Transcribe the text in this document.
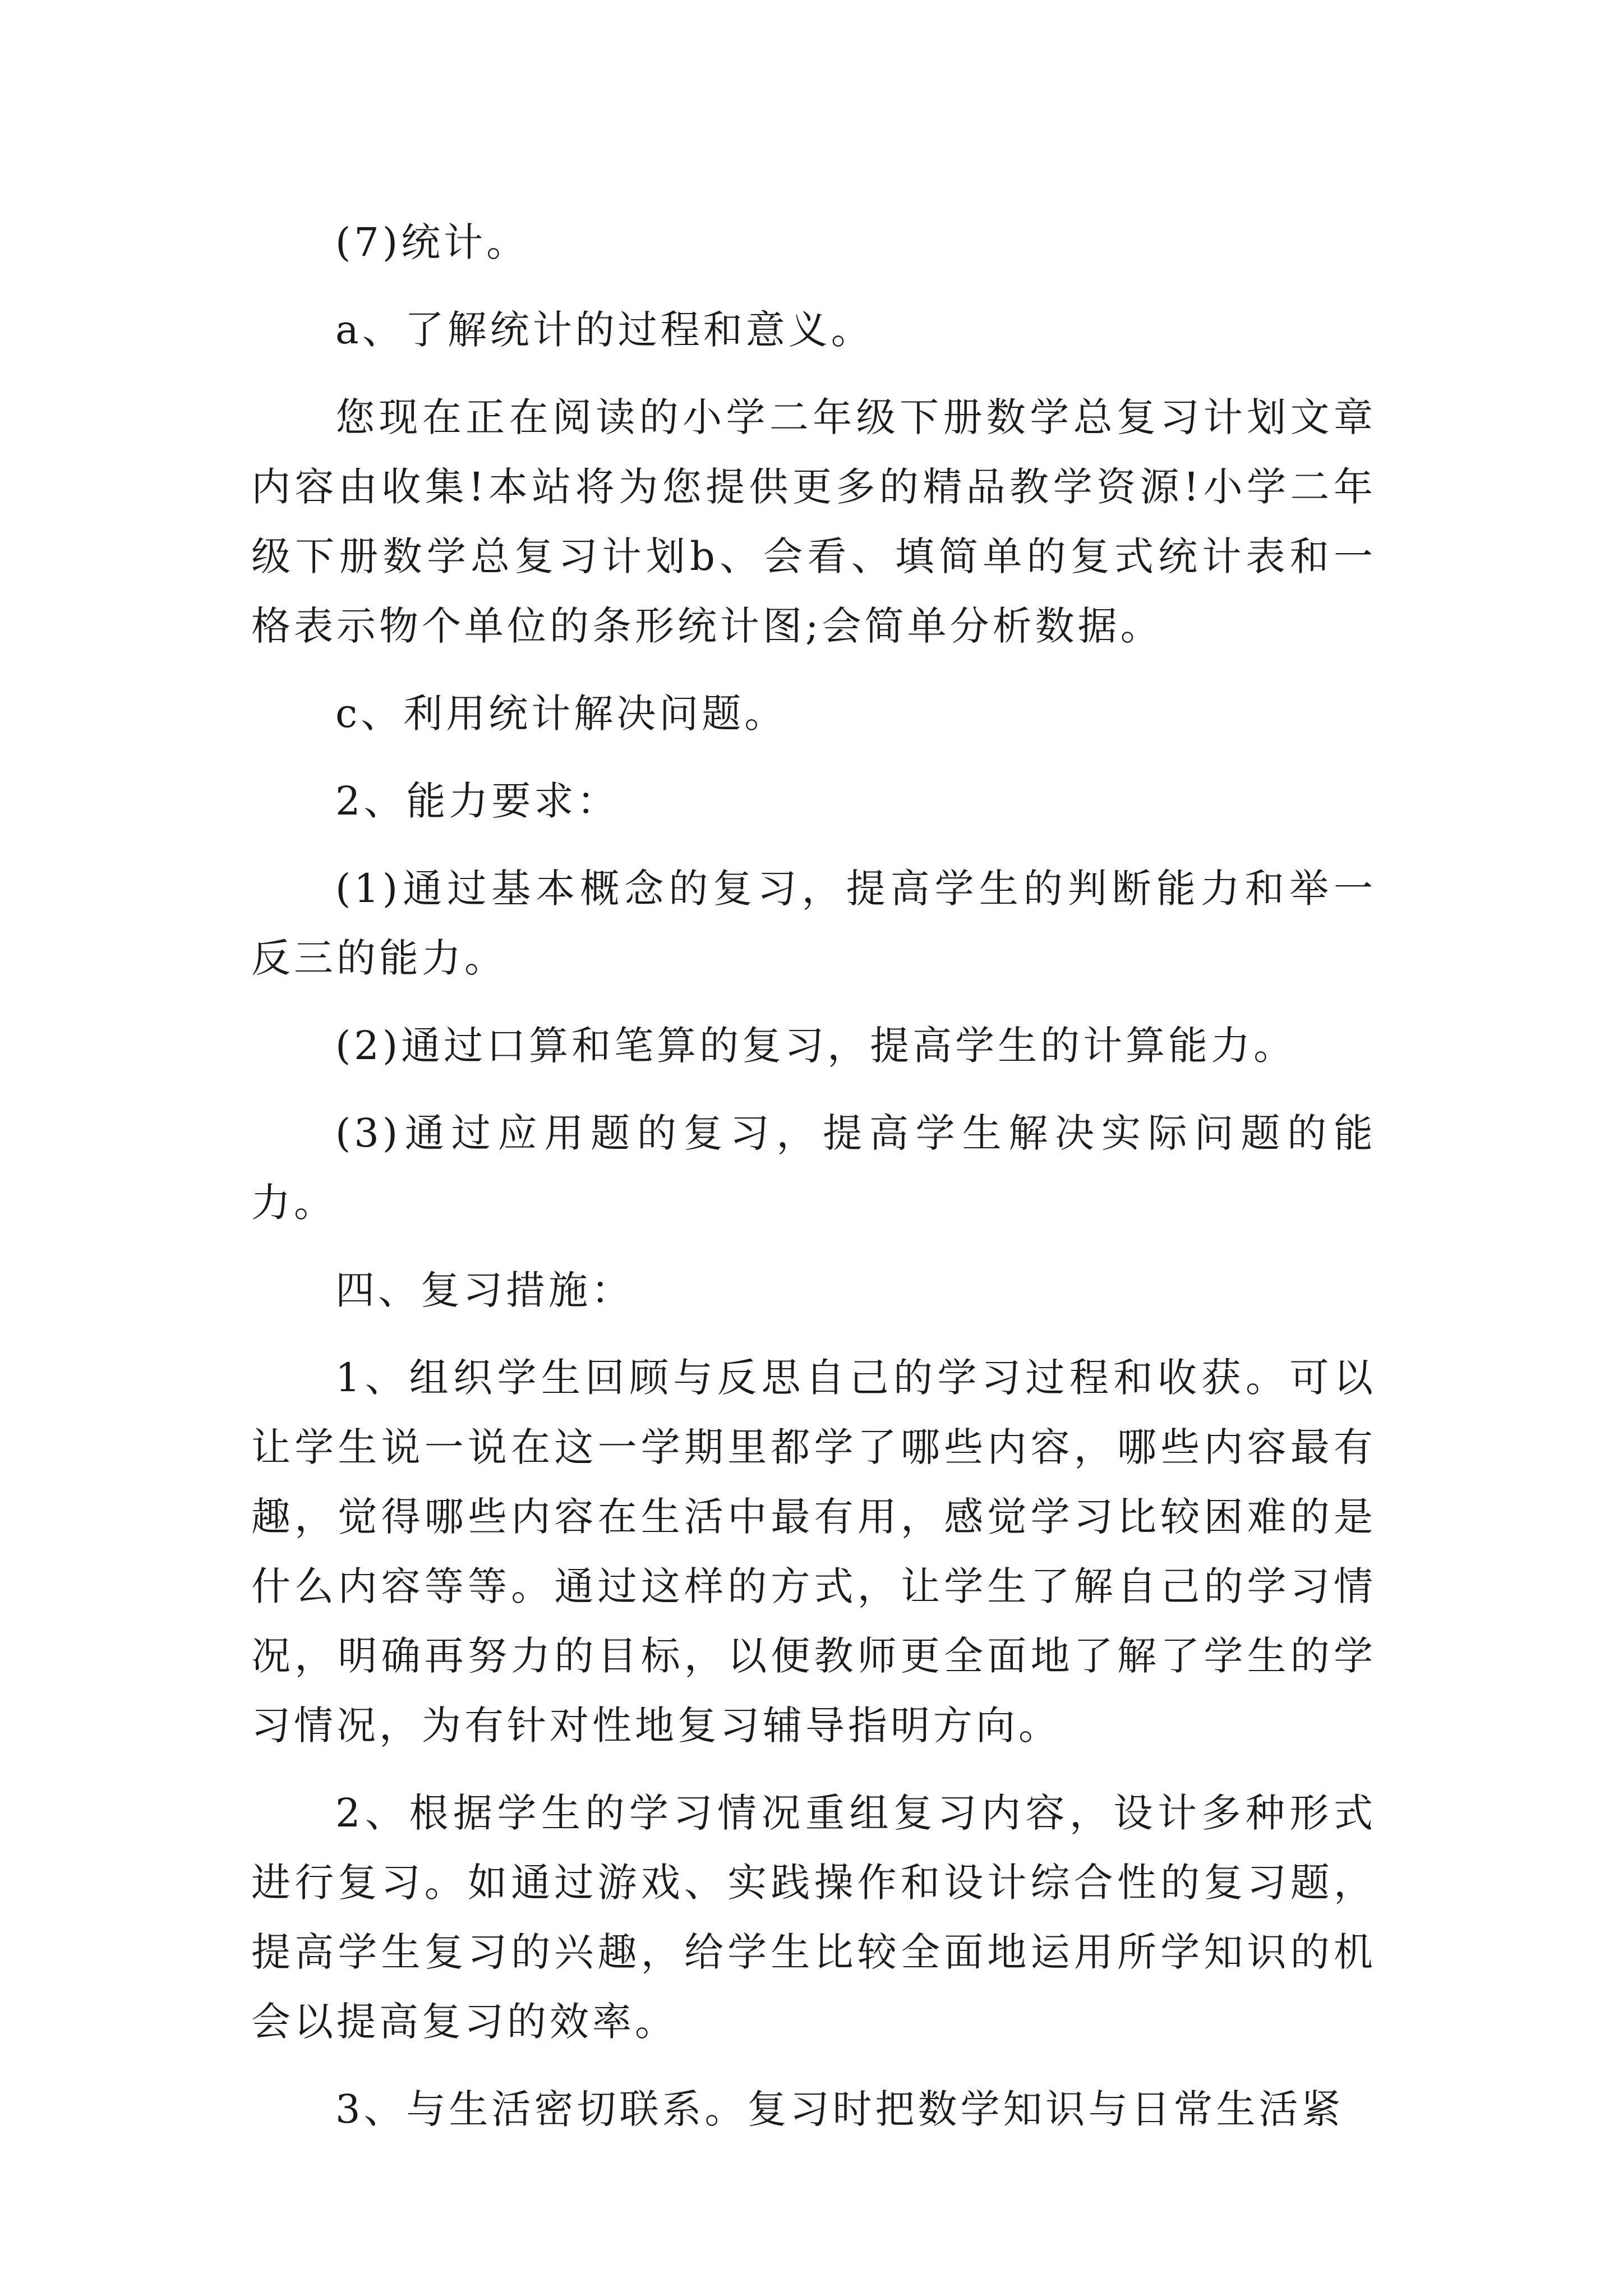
(7)统计。

a、了解统计的过程和意义。

您现在正在阅读的小学二年级下册数学总复习计划文章内容由收集!本站将为您提供更多的精品教学资源!小学二年级下册数学总复习计划b、会看、填简单的复式统计表和一格表示物个单位的条形统计图;会简单分析数据。

c、利用统计解决问题。

2、能力要求：

(1)通过基本概念的复习，提高学生的判断能力和举一反三的能力。

(2)通过口算和笔算的复习，提高学生的计算能力。

(3)通过应用题的复习，提高学生解决实际问题的能力。

四、复习措施：

1、组织学生回顾与反思自己的学习过程和收获。可以让学生说一说在这一学期里都学了哪些内容，哪些内容最有趣，觉得哪些内容在生活中最有用，感觉学习比较困难的是什么内容等等。通过这样的方式，让学生了解自己的学习情况，明确再努力的目标，以便教师更全面地了解了学生的学习情况，为有针对性地复习辅导指明方向。

2、根据学生的学习情况重组复习内容，设计多种形式进行复习。如通过游戏、实践操作和设计综合性的复习题，提高学生复习的兴趣，给学生比较全面地运用所学知识的机会以提高复习的效率。

3、与生活密切联系。复习时把数学知识与日常生活紧
